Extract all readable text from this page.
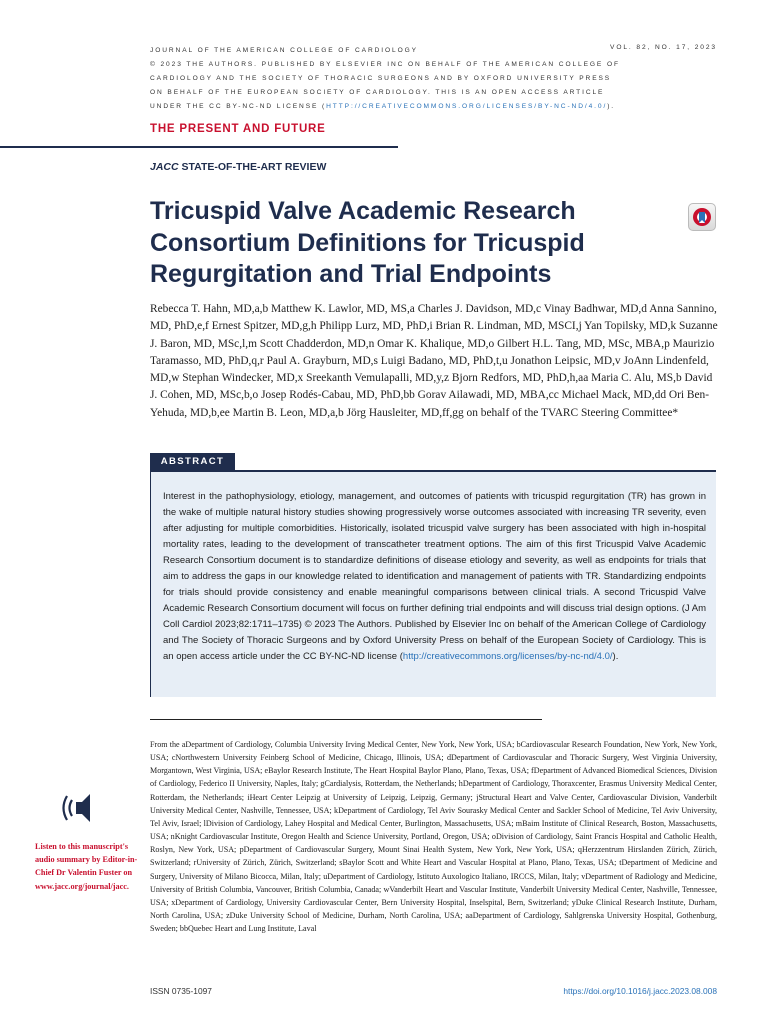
JOURNAL OF THE AMERICAN COLLEGE OF CARDIOLOGY
© 2023 THE AUTHORS. PUBLISHED BY ELSEVIER INC ON BEHALF OF THE AMERICAN COLLEGE OF
CARDIOLOGY AND THE SOCIETY OF THORACIC SURGEONS AND BY OXFORD UNIVERSITY PRESS
ON BEHALF OF THE EUROPEAN SOCIETY OF CARDIOLOGY. THIS IS AN OPEN ACCESS ARTICLE
UNDER THE CC BY-NC-ND LICENSE (HTTP://CREATIVECOMMONS.ORG/LICENSES/BY-NC-ND/4.0/).
VOL. 82, NO. 17, 2023
THE PRESENT AND FUTURE
JACC STATE-OF-THE-ART REVIEW
Tricuspid Valve Academic Research Consortium Definitions for Tricuspid Regurgitation and Trial Endpoints

Rebecca T. Hahn, MD,a,b Matthew K. Lawlor, MD, MS,a Charles J. Davidson, MD,c Vinay Badhwar, MD,d Anna Sannino, MD, PhD,e,f Ernest Spitzer, MD,g,h Philipp Lurz, MD, PhD,i Brian R. Lindman, MD, MSCI,j Yan Topilsky, MD,k Suzanne J. Baron, MD, MSc,l,m Scott Chadderdon, MD,n Omar K. Khalique, MD,o Gilbert H.L. Tang, MD, MSc, MBA,p Maurizio Taramasso, MD, PhD,q,r Paul A. Grayburn, MD,s Luigi Badano, MD, PhD,t,u Jonathon Leipsic, MD,v JoAnn Lindenfeld, MD,w Stephan Windecker, MD,x Sreekanth Vemulapalli, MD,y,z Bjorn Redfors, MD, PhD,h,aa Maria C. Alu, MS,b David J. Cohen, MD, MSc,b,o Josep Rodés-Cabau, MD, PhD,bb Gorav Ailawadi, MD, MBA,cc Michael Mack, MD,dd Ori Ben-Yehuda, MD,b,ee Martin B. Leon, MD,a,b Jörg Hausleiter, MD,ff,gg on behalf of the TVARC Steering Committee*

ABSTRACT

Interest in the pathophysiology, etiology, management, and outcomes of patients with tricuspid regurgitation (TR) has grown in the wake of multiple natural history studies showing progressively worse outcomes associated with increasing TR severity, even after adjusting for multiple comorbidities. Historically, isolated tricuspid valve surgery has been associated with high in-hospital mortality rates, leading to the development of transcatheter treatment options. The aim of this first Tricuspid Valve Academic Research Consortium document is to standardize definitions of disease etiology and severity, as well as endpoints for trials that aim to address the gaps in our knowledge related to identification and management of patients with TR. Standardizing endpoints for trials should provide consistency and enable meaningful comparisons between clinical trials. A second Tricuspid Valve Academic Research Consortium document will focus on further defining trial endpoints and will discuss trial design options. (J Am Coll Cardiol 2023;82:1711–1735) © 2023 The Authors. Published by Elsevier Inc on behalf of the American College of Cardiology and The Society of Thoracic Surgeons and by Oxford University Press on behalf of the European Society of Cardiology. This is an open access article under the CC BY-NC-ND license (http://creativecommons.org/licenses/by-nc-nd/4.0/).

From the aDepartment of Cardiology, Columbia University Irving Medical Center, New York, New York, USA; bCardiovascular Research Foundation, New York, New York, USA; cNorthwestern University Feinberg School of Medicine, Chicago, Illinois, USA; dDepartment of Cardiovascular and Thoracic Surgery, West Virginia University, Morgantown, West Virginia, USA; eBaylor Research Institute, The Heart Hospital Baylor Plano, Plano, Texas, USA; fDepartment of Advanced Biomedical Sciences, Division of Cardiology, Federico II University, Naples, Italy; gCardialysis, Rotterdam, the Netherlands; hDepartment of Cardiology, Thoraxcenter, Erasmus University Medical Center, Rotterdam, the Netherlands; iHeart Center Leipzig at University of Leipzig, Leipzig, Germany; jStructural Heart and Valve Center, Cardiovascular Division, Vanderbilt University Medical Center, Nashville, Tennessee, USA; kDepartment of Cardiology, Tel Aviv Sourasky Medical Center and Sackler School of Medicine, Tel Aviv University, Tel Aviv, Israel; lDivision of Cardiology, Lahey Hospital and Medical Center, Burlington, Massachusetts, USA; mBaim Institute of Clinical Research, Boston, Massachusetts, USA; nKnight Cardiovascular Institute, Oregon Health and Science University, Portland, Oregon, USA; oDivision of Cardiology, Saint Francis Hospital and Catholic Health, Roslyn, New York, USA; pDepartment of Cardiovascular Surgery, Mount Sinai Health System, New York, New York, USA; qHerzzentrum Hirslanden Zürich, Zürich, Switzerland; rUniversity of Zürich, Zürich, Switzerland; sBaylor Scott and White Heart and Vascular Hospital at Plano, Plano, Texas, USA; tDepartment of Medicine and Surgery, University of Milano Bicocca, Milan, Italy; uDepartment of Cardiology, Istituto Auxologico Italiano, IRCCS, Milan, Italy; vDepartment of Radiology and Medicine, University of British Columbia, Vancouver, British Columbia, Canada; wVanderbilt Heart and Vascular Institute, Vanderbilt University Medical Center, Nashville, Tennessee, USA; xDepartment of Cardiology, University Cardiovascular Center, Bern University Hospital, Inselspital, Bern, Switzerland; yDuke Clinical Research Institute, Durham, North Carolina, USA; zDuke University School of Medicine, Durham, North Carolina, USA; aaDepartment of Cardiology, Sahlgrenska University Hospital, Gothenburg, Sweden; bbQuebec Heart and Lung Institute, Laval

Listen to this manuscript's audio summary by Editor-in-Chief Dr Valentin Fuster on www.jacc.org/journal/jacc.

ISSN 0735-1097	https://doi.org/10.1016/j.jacc.2023.08.008
